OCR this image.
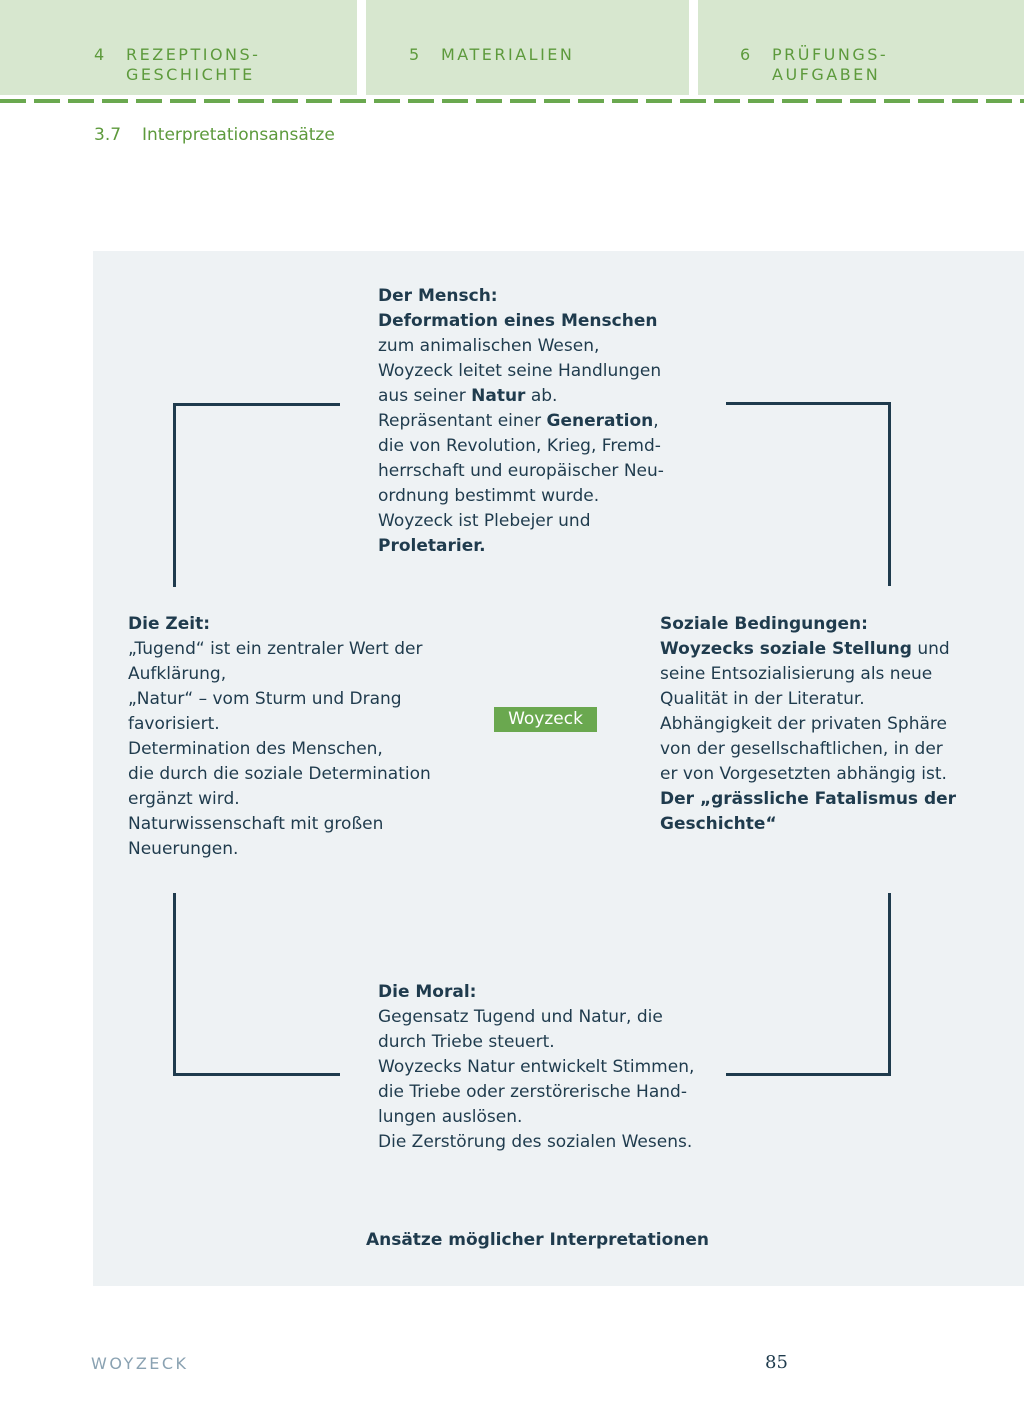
4 REZEPTIONS-
GESCHICHTE
5 MATERIALIEN	6 PRÜFUNGS-
AUFGABEN
3.7 Interpretationsansätze
Der Mensch:
Deformation eines Menschen
zum animalischen Wesen,
Woyzeck leitet seine Handlungen
aus seiner Natur ab.
Repräsentant einer Generation,
die von Revolution, Krieg, Fremd-
herrschaft und europäischer Neu-
ordnung bestimmt wurde.
Woyzeck ist Plebejer und
Proletarier.
Die Zeit:
„Tugend“ ist ein zentraler Wert der
Aufklärung,
„Natur“ – vom Sturm und Drang
favorisiert.
Determination des Menschen,
die durch die soziale Determination
ergänzt wird.
Naturwissenschaft mit großen
Neuerungen.
Soziale Bedingungen:
Woyzecks soziale Stellung und
seine Entsozialisierung als neue
Qualität in der Literatur.
Abhängigkeit der privaten Sphäre
von der gesellschaftlichen, in der
er von Vorgesetzten abhängig ist.
Der „grässliche Fatalismus der
Geschichte“
Die Moral:
Gegensatz Tugend und Natur, die
durch Triebe steuert.
Woyzecks Natur entwickelt Stimmen,
die Triebe oder zerstörerische Hand-
lungen auslösen.
Die Zerstörung des sozialen Wesens.
Woyzeck
Ansätze möglicher Interpretationen
WOYZECK	85
